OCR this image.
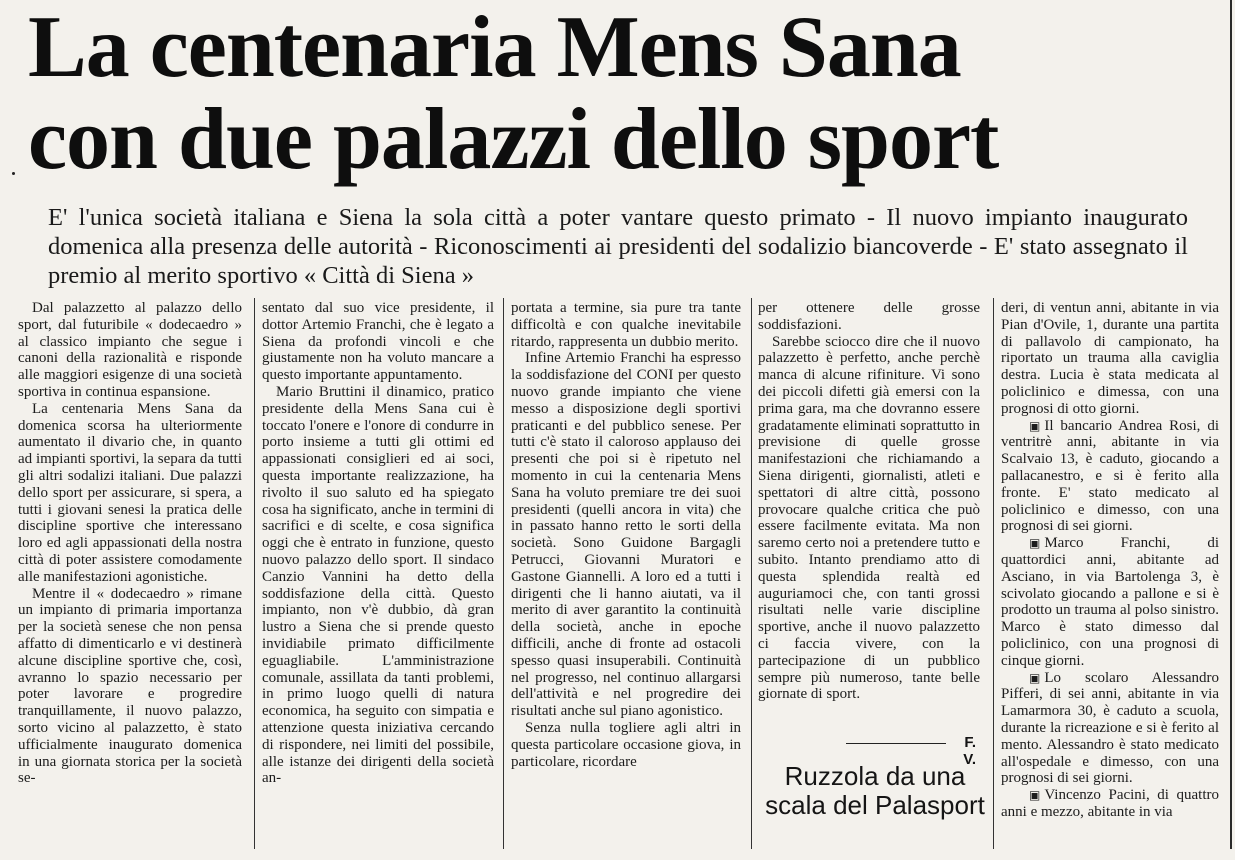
La centenaria Mens Sana
con due palazzi dello sport
E' l'unica società italiana e Siena la sola città a poter vantare questo primato - Il nuovo impianto inaugurato domenica alla presenza delle autorità - Riconoscimenti ai presidenti del sodalizio biancoverde - E' stato assegnato il premio al merito sportivo « Città di Siena »

Dal palazzetto al palazzo dello sport, dal futuribile « dodecaedro » al classico impianto che segue i canoni della razionalità e risponde alle maggiori esigenze di una società sportiva in continua espansione.

La centenaria Mens Sana da domenica scorsa ha ulteriormente aumentato il divario che, in quanto ad impianti sportivi, la separa da tutti gli altri sodalizi italiani. Due palazzi dello sport per assicurare, si spera, a tutti i giovani senesi la pratica delle discipline sportive che interessano loro ed agli appassionati della nostra città di poter assistere comodamente alle manifestazioni agonistiche.

Mentre il « dodecaedro » rimane un impianto di primaria importanza per la società senese che non pensa affatto di dimenticarlo e vi destinerà alcune discipline sportive che, così, avranno lo spazio necessario per poter lavorare e progredire tranquillamente, il nuovo palazzo, sorto vicino al palazzetto, è stato ufficialmente inaugurato domenica in una giornata storica per la società se-

sentato dal suo vice presidente, il dottor Artemio Franchi, che è legato a Siena da profondi vincoli e che giustamente non ha voluto mancare a questo importante appuntamento.

Mario Bruttini il dinamico, pratico presidente della Mens Sana cui è toccato l'onere e l'onore di condurre in porto insieme a tutti gli ottimi ed appassionati consiglieri ed ai soci, questa importante realizzazione, ha rivolto il suo saluto ed ha spiegato cosa ha significato, anche in termini di sacrifici e di scelte, e cosa significa oggi che è entrato in funzione, questo nuovo palazzo dello sport. Il sindaco Canzio Vannini ha detto della soddisfazione della città. Questo impianto, non v'è dubbio, dà gran lustro a Siena che si prende questo invidiabile primato difficilmente eguagliabile. L'amministrazione comunale, assillata da tanti problemi, in primo luogo quelli di natura economica, ha seguito con simpatia e attenzione questa iniziativa cercando di rispondere, nei limiti del possibile, alle istanze dei dirigenti della società an-

portata a termine, sia pure tra tante difficoltà e con qualche inevitabile ritardo, rappresenta un dubbio merito.

Infine Artemio Franchi ha espresso la soddisfazione del CONI per questo nuovo grande impianto che viene messo a disposizione degli sportivi praticanti e del pubblico senese. Per tutti c'è stato il caloroso applauso dei presenti che poi si è ripetuto nel momento in cui la centenaria Mens Sana ha voluto premiare tre dei suoi presidenti (quelli ancora in vita) che in passato hanno retto le sorti della società. Sono Guidone Bargagli Petrucci, Giovanni Muratori e Gastone Giannelli. A loro ed a tutti i dirigenti che li hanno aiutati, va il merito di aver garantito la continuità della società, anche in epoche difficili, anche di fronte ad ostacoli spesso quasi insuperabili. Continuità nel progresso, nel continuo allargarsi dell'attività e nel progredire dei risultati anche sul piano agonistico.

Senza nulla togliere agli altri in questa particolare occasione giova, in particolare, ricordare

per ottenere delle grosse soddisfazioni.

Sarebbe sciocco dire che il nuovo palazzetto è perfetto, anche perchè manca di alcune rifiniture. Vi sono dei piccoli difetti già emersi con la prima gara, ma che dovranno essere gradatamente eliminati soprattutto in previsione di quelle grosse manifestazioni che richiamando a Siena dirigenti, giornalisti, atleti e spettatori di altre città, possono provocare qualche critica che può essere facilmente evitata. Ma non saremo certo noi a pretendere tutto e subito. Intanto prendiamo atto di questa splendida realtà ed auguriamoci che, con tanti grossi risultati nelle varie discipline sportive, anche il nuovo palazzetto ci faccia vivere, con la partecipazione di un pubblico sempre più numeroso, tante belle giornate di sport.

F. V.
Ruzzola da una scala del Palasport

deri, di ventun anni, abitante in via Pian d'Ovile, 1, durante una partita di pallavolo di campionato, ha riportato un trauma alla caviglia destra. Lucia è stata medicata al policlinico e dimessa, con una prognosi di otto giorni.

▣ Il bancario Andrea Rosi, di ventritrè anni, abitante in via Scalvaio 13, è caduto, giocando a pallacanestro, e si è ferito alla fronte. E' stato medicato al policlinico e dimesso, con una prognosi di sei giorni.

▣ Marco Franchi, di quattordici anni, abitante ad Asciano, in via Bartolenga 3, è scivolato giocando a pallone e si è prodotto un trauma al polso sinistro. Marco è stato dimesso dal policlinico, con una prognosi di cinque giorni.

▣ Lo scolaro Alessandro Pifferi, di sei anni, abitante in via Lamarmora 30, è caduto a scuola, durante la ricreazione e si è ferito al mento. Alessandro è stato medicato all'ospedale e dimesso, con una prognosi di sei giorni.

▣ Vincenzo Pacini, di quattro anni e mezzo, abitante in via
